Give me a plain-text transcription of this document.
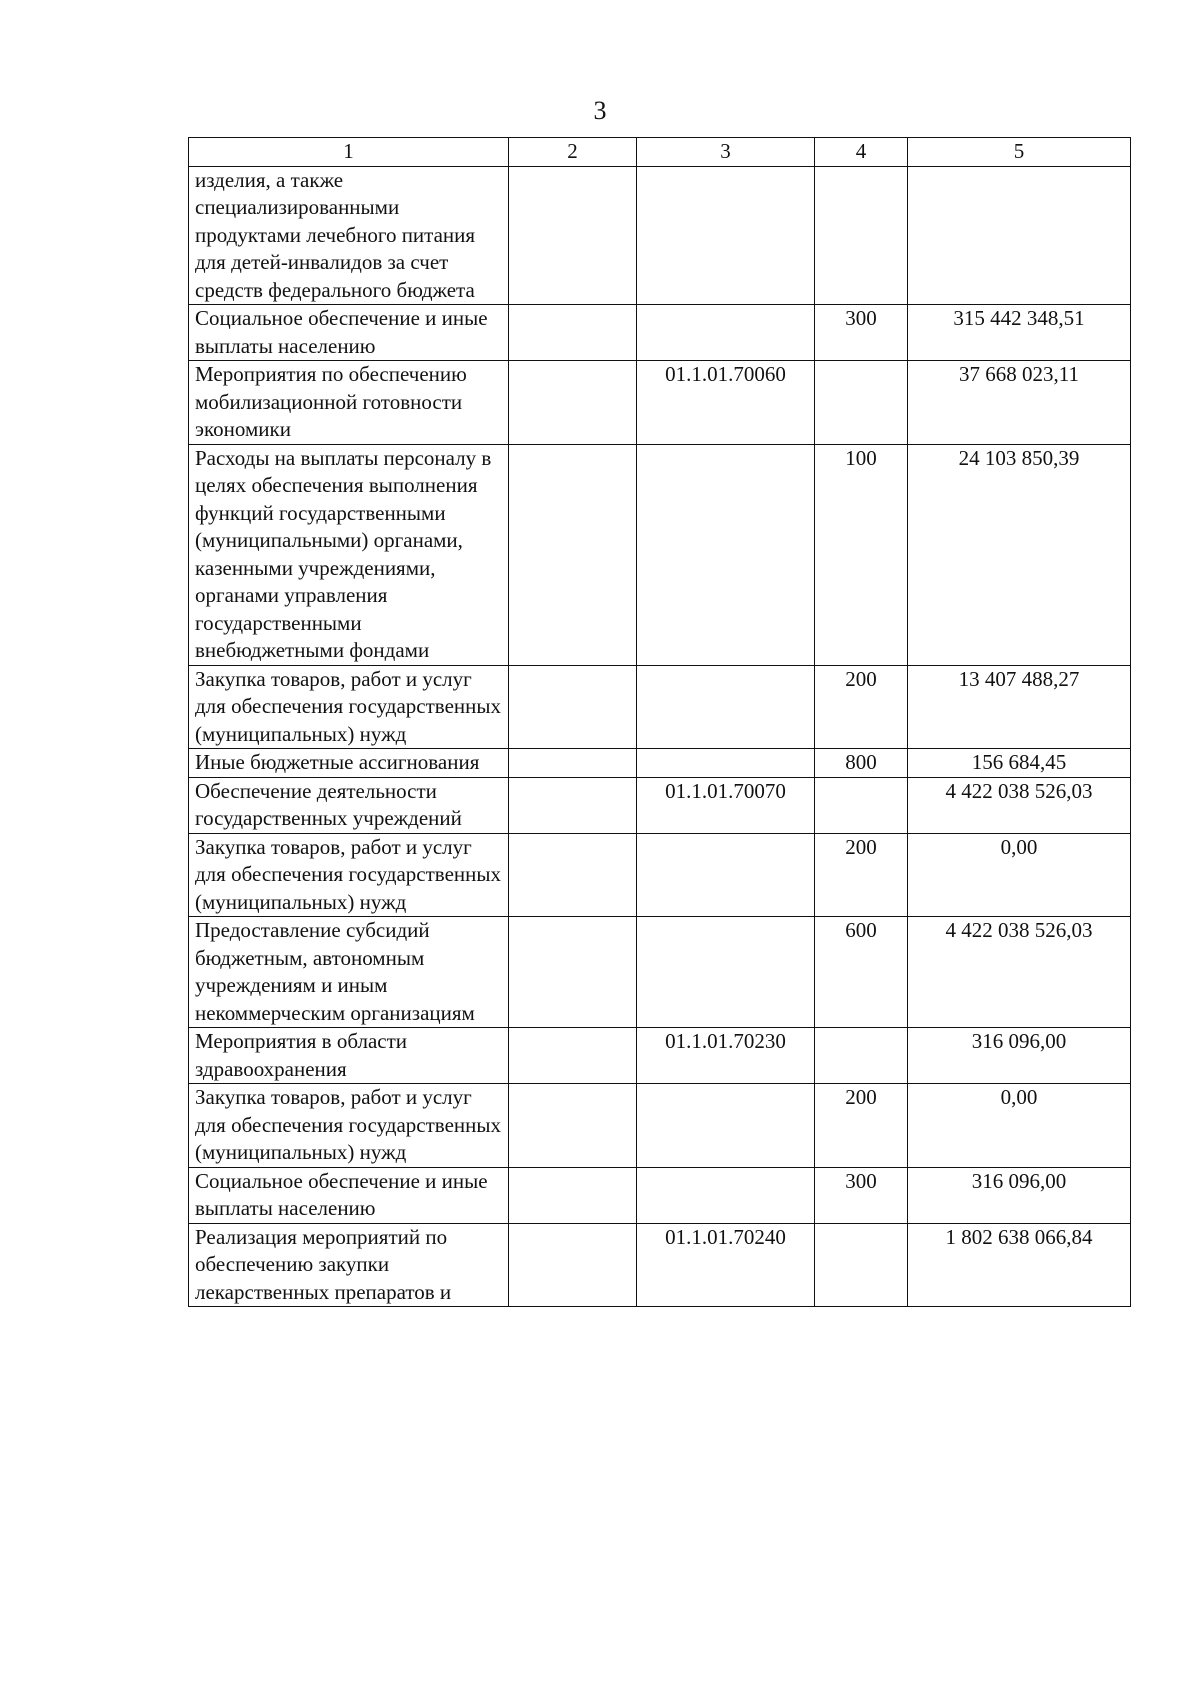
3
1	2	3	4	5
изделия, а также специализированными продуктами лечебного питания для детей-инвалидов за счет средств федерального бюджета				
Социальное обеспечение и иные выплаты населению			300	315 442 348,51
Мероприятия по обеспечению мобилизационной готовности экономики		01.1.01.70060		37 668 023,11
Расходы на выплаты персоналу в целях обеспечения выполнения функций государственными (муниципальными) органами, казенными учреждениями, органами управления государственными внебюджетными фондами			100	24 103 850,39
Закупка товаров, работ и услуг для обеспечения государственных (муниципальных) нужд			200	13 407 488,27
Иные бюджетные ассигнования			800	156 684,45
Обеспечение деятельности государственных учреждений		01.1.01.70070		4 422 038 526,03
Закупка товаров, работ и услуг для обеспечения государственных (муниципальных) нужд			200	0,00
Предоставление субсидий бюджетным, автономным учреждениям и иным некоммерческим организациям			600	4 422 038 526,03
Мероприятия в области здравоохранения		01.1.01.70230		316 096,00
Закупка товаров, работ и услуг для обеспечения государственных (муниципальных) нужд			200	0,00
Социальное обеспечение и иные выплаты населению			300	316 096,00
Реализация мероприятий по обеспечению закупки лекарственных препаратов и		01.1.01.70240		1 802 638 066,84
